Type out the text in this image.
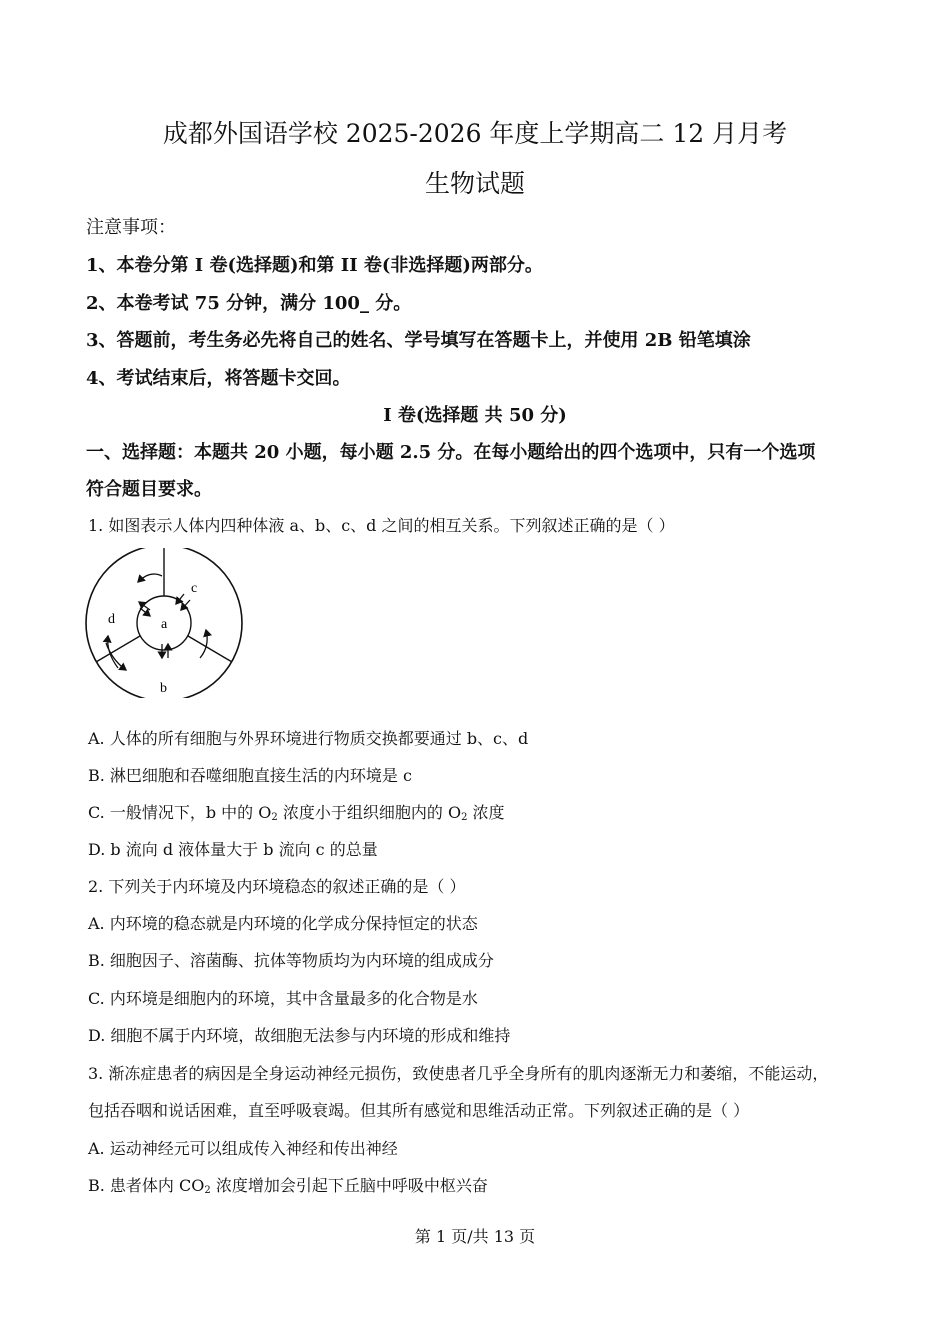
成都外国语学校 2025-2026 年度上学期高二 12 月月考
生物试题
注意事项：
1、本卷分第 I 卷(选择题)和第 II 卷(非选择题)两部分。
2、本卷考试 75 分钟，满分 100_ 分。
3、答题前，考生务必先将自己的姓名、学号填写在答题卡上，并使用 2B 铅笔填涂
4、考试结束后，将答题卡交回。
I 卷(选择题 共 50 分)
一、选择题：本题共 20 小题，每小题 2.5 分。在每小题给出的四个选项中，只有一个选项
符合题目要求。
1. 如图表示人体内四种体液 a、b、c、d 之间的相互关系。下列叙述正确的是（ ）
a
b
c
d
A. 人体的所有细胞与外界环境进行物质交换都要通过 b、c、d
B. 淋巴细胞和吞噬细胞直接生活的内环境是 c
C. 一般情况下，b 中的 $O_2$ 浓度小于组织细胞内的 $O_2$ 浓度
D. b 流向 d 液体量大于 b 流向 c 的总量
2. 下列关于内环境及内环境稳态的叙述正确的是（ ）
A. 内环境的稳态就是内环境的化学成分保持恒定的状态
B. 细胞因子、溶菌酶、抗体等物质均为内环境的组成成分
C. 内环境是细胞内的环境，其中含量最多的化合物是水
D. 细胞不属于内环境，故细胞无法参与内环境的形成和维持
3. 渐冻症患者的病因是全身运动神经元损伤，致使患者几乎全身所有的肌肉逐渐无力和萎缩，不能运动，
包括吞咽和说话困难，直至呼吸衰竭。但其所有感觉和思维活动正常。下列叙述正确的是（ ）
A. 运动神经元可以组成传入神经和传出神经
B. 患者体内 $CO_2$ 浓度增加会引起下丘脑中呼吸中枢兴奋
第 1 页/共 13 页
